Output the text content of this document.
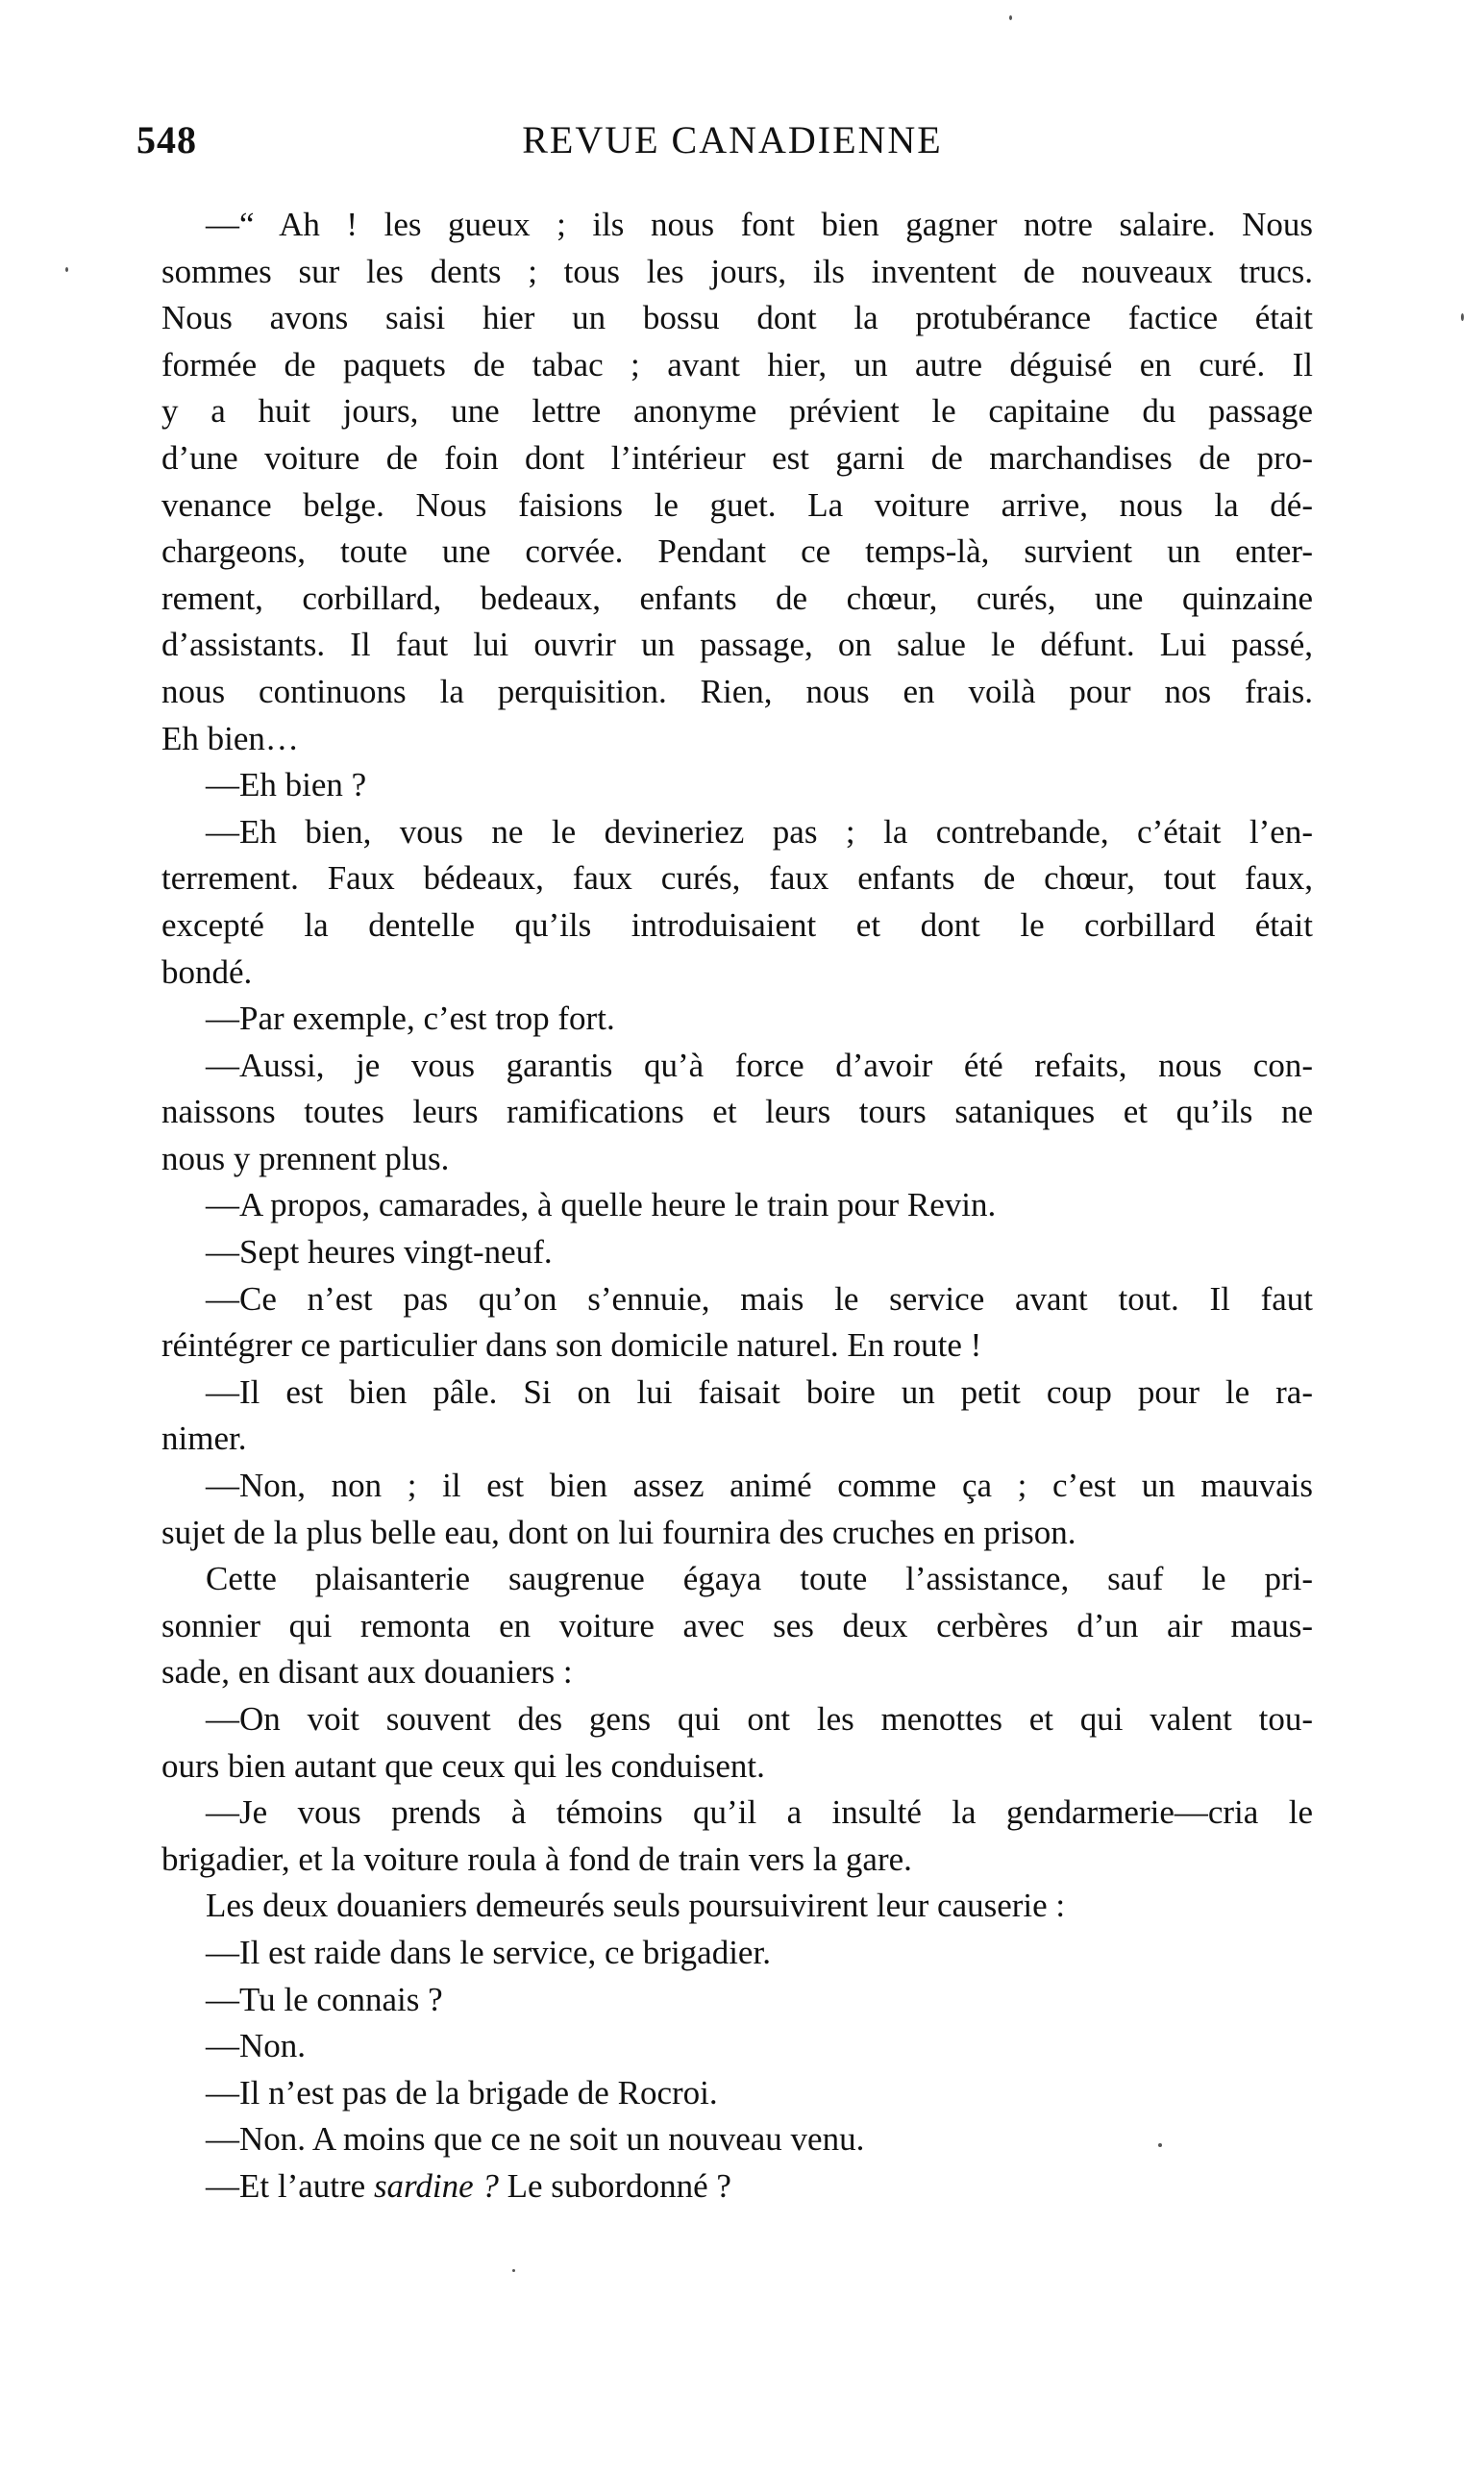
548	REVUE CANADIENNE
—“ Ah ! les gueux ; ils nous font bien gagner notre salaire. Nous
sommes sur les dents ; tous les jours, ils inventent de nouveaux trucs.
Nous avons saisi hier un bossu dont la protubérance factice était
formée de paquets de tabac ; avant hier, un autre déguisé en curé. Il
y a huit jours, une lettre anonyme prévient le capitaine du passage
d’une voiture de foin dont l’intérieur est garni de marchandises de pro-
venance belge. Nous faisions le guet. La voiture arrive, nous la dé-
chargeons, toute une corvée. Pendant ce temps-là, survient un enter-
rement, corbillard, bedeaux, enfants de chœur, curés, une quinzaine
d’assistants. Il faut lui ouvrir un passage, on salue le défunt. Lui passé,
nous continuons la perquisition. Rien, nous en voilà pour nos frais.
Eh bien…
—Eh bien ?
—Eh bien, vous ne le devineriez pas ; la contrebande, c’était l’en-
terrement. Faux bédeaux, faux curés, faux enfants de chœur, tout faux,
excepté la dentelle qu’ils introduisaient et dont le corbillard était
bondé.
—Par exemple, c’est trop fort.
—Aussi, je vous garantis qu’à force d’avoir été refaits, nous con-
naissons toutes leurs ramifications et leurs tours sataniques et qu’ils ne
nous y prennent plus.
—A propos, camarades, à quelle heure le train pour Revin.
—Sept heures vingt-neuf.
—Ce n’est pas qu’on s’ennuie, mais le service avant tout. Il faut
réintégrer ce particulier dans son domicile naturel. En route !
—Il est bien pâle. Si on lui faisait boire un petit coup pour le ra-
nimer.
—Non, non ; il est bien assez animé comme ça ; c’est un mauvais
sujet de la plus belle eau, dont on lui fournira des cruches en prison.
Cette plaisanterie saugrenue égaya toute l’assistance, sauf le pri-
sonnier qui remonta en voiture avec ses deux cerbères d’un air maus-
sade, en disant aux douaniers :
—On voit souvent des gens qui ont les menottes et qui valent tou-
ours bien autant que ceux qui les conduisent.
—Je vous prends à témoins qu’il a insulté la gendarmerie—cria le
brigadier, et la voiture roula à fond de train vers la gare.
Les deux douaniers demeurés seuls poursuivirent leur causerie :
—Il est raide dans le service, ce brigadier.
—Tu le connais ?
—Non.
—Il n’est pas de la brigade de Rocroi.
—Non. A moins que ce ne soit un nouveau venu.
—Et l’autre sardine ? Le subordonné ?
